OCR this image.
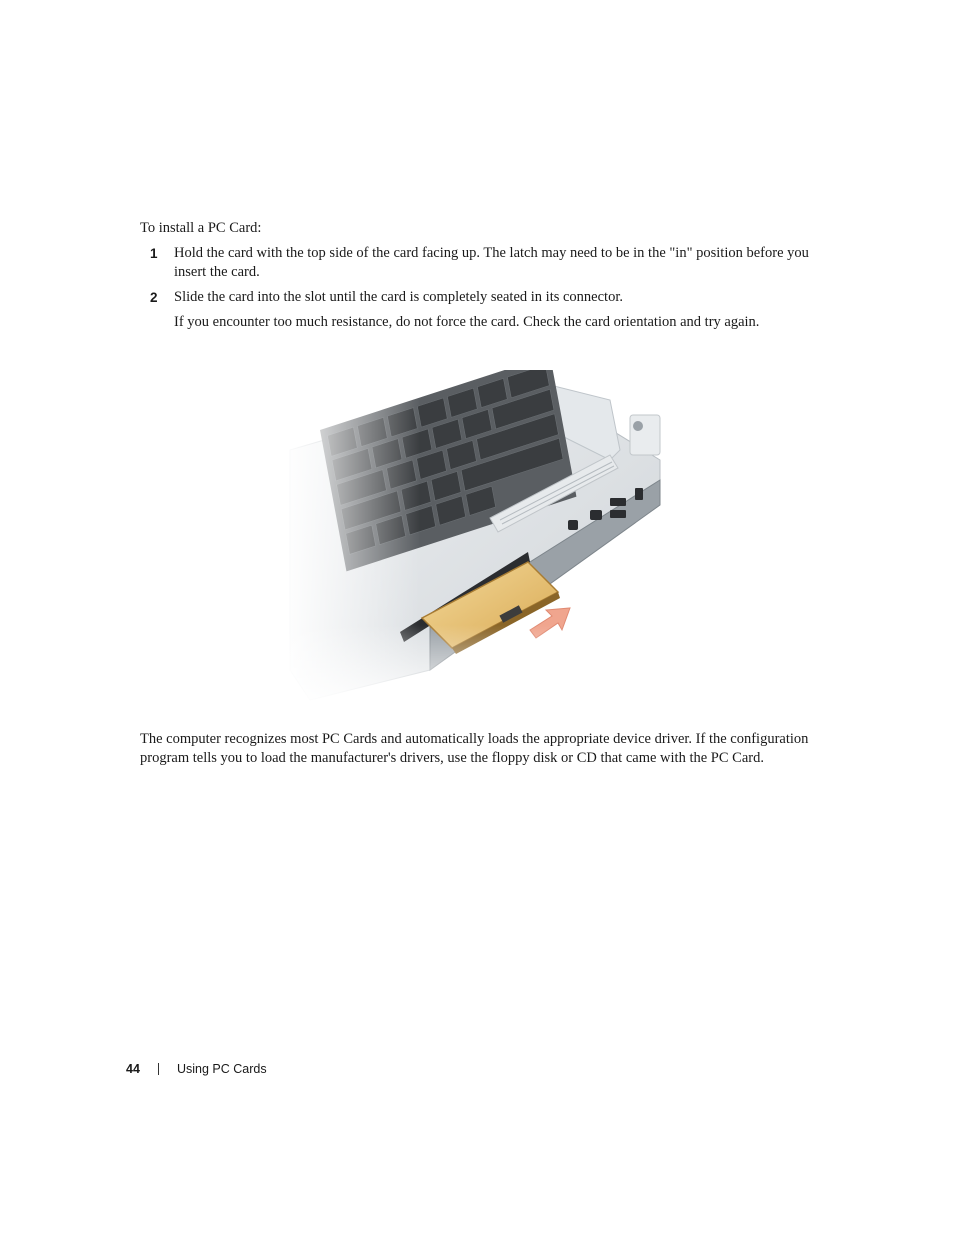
To install a PC Card:

1 Hold the card with the top side of the card facing up. The latch may need to be in the "in" position before you insert the card.
2 Slide the card into the slot until the card is completely seated in its connector.

If you encounter too much resistance, do not force the card. Check the card orientation and try again.

The computer recognizes most PC Cards and automatically loads the appropriate device driver. If the configuration program tells you to load the manufacturer's drivers, use the floppy disk or CD that came with the PC Card.

44	Using PC Cards
